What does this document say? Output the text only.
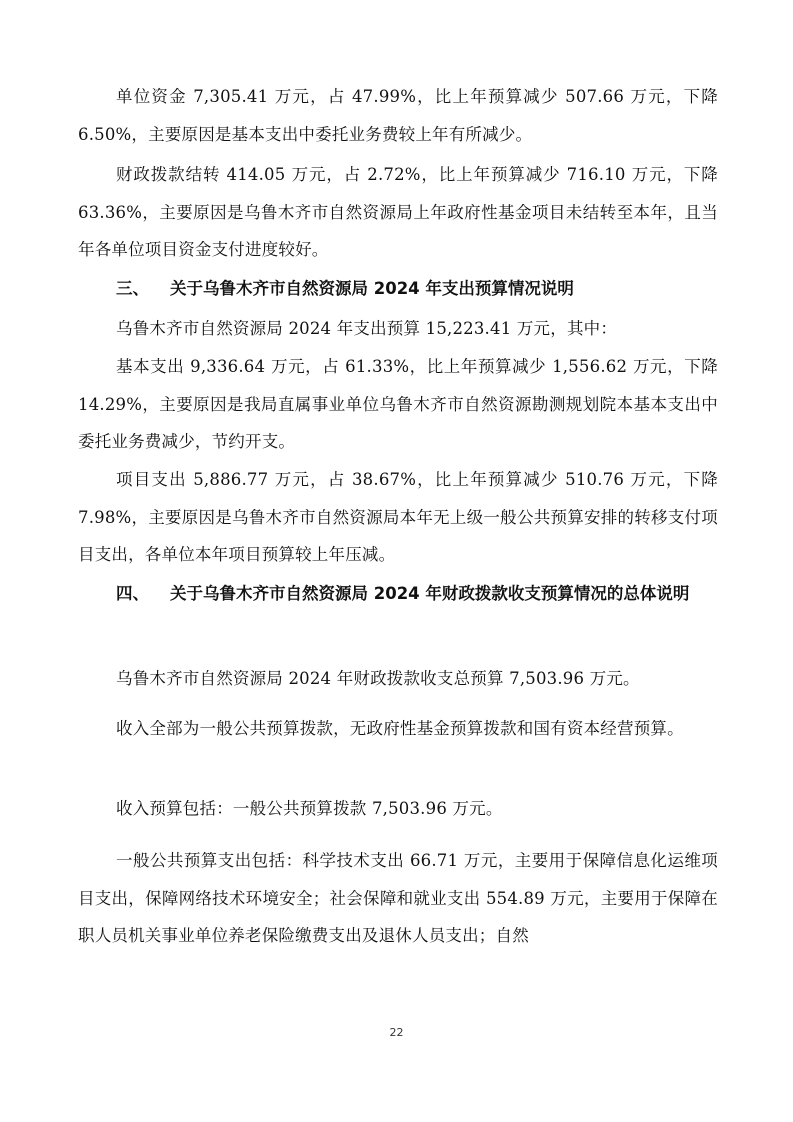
单位资金 7,305.41 万元，占 47.99%，比上年预算减少 507.66 万元，下降 6.50%，主要原因是基本支出中委托业务费较上年有所减少。

财政拨款结转 414.05 万元，占 2.72%，比上年预算减少 716.10 万元，下降 63.36%，主要原因是乌鲁木齐市自然资源局上年政府性基金项目未结转至本年，且当年各单位项目资金支付进度较好。

三、 关于乌鲁木齐市自然资源局 2024 年支出预算情况说明

乌鲁木齐市自然资源局 2024 年支出预算 15,223.41 万元，其中：

基本支出 9,336.64 万元，占 61.33%，比上年预算减少 1,556.62 万元，下降 14.29%，主要原因是我局直属事业单位乌鲁木齐市自然资源勘测规划院本基本支出中委托业务费减少，节约开支。

项目支出 5,886.77 万元，占 38.67%，比上年预算减少 510.76 万元，下降 7.98%，主要原因是乌鲁木齐市自然资源局本年无上级一般公共预算安排的转移支付项目支出，各单位本年项目预算较上年压减。

四、 关于乌鲁木齐市自然资源局 2024 年财政拨款收支预算情况的总体说明

乌鲁木齐市自然资源局 2024 年财政拨款收支总预算 7,503.96 万元。

收入全部为一般公共预算拨款，无政府性基金预算拨款和国有资本经营预算。

收入预算包括：一般公共预算拨款 7,503.96 万元。

一般公共预算支出包括：科学技术支出 66.71 万元，主要用于保障信息化运维项目支出，保障网络技术环境安全；社会保障和就业支出 554.89 万元，主要用于保障在职人员机关事业单位养老保险缴费支出及退休人员支出；自然

22
